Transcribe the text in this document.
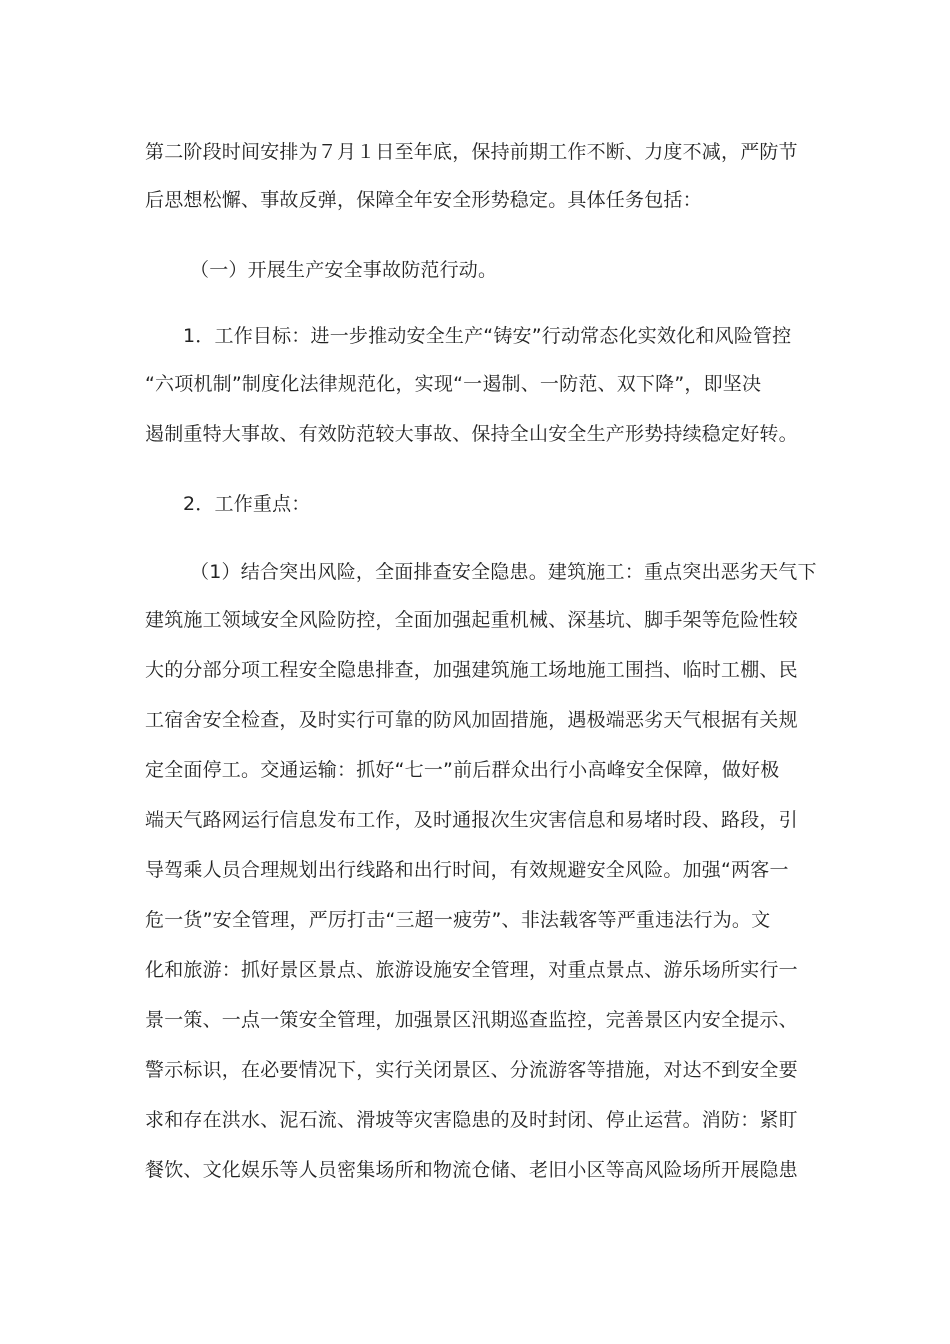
第二阶段时间安排为７月１日至年底，保持前期工作不断、力度不减，严防节
后思想松懈、事故反弹，保障全年安全形势稳定。具体任务包括：
（一）开展生产安全事故防范行动。
1．工作目标：进一步推动安全生产“铸安”行动常态化实效化和风险管控
“六项机制”制度化法律规范化，实现“一遏制、一防范、双下降”，即坚决
遏制重特大事故、有效防范较大事故、保持全山安全生产形势持续稳定好转。
2．工作重点：
（1）结合突出风险，全面排查安全隐患。建筑施工：重点突出恶劣天气下
建筑施工领域安全风险防控，全面加强起重机械、深基坑、脚手架等危险性较
大的分部分项工程安全隐患排查，加强建筑施工场地施工围挡、临时工棚、民
工宿舍安全检查，及时实行可靠的防风加固措施，遇极端恶劣天气根据有关规
定全面停工。交通运输：抓好“七一”前后群众出行小高峰安全保障，做好极
端天气路网运行信息发布工作，及时通报次生灾害信息和易堵时段、路段，引
导驾乘人员合理规划出行线路和出行时间，有效规避安全风险。加强“两客一
危一货”安全管理，严厉打击“三超一疲劳”、非法载客等严重违法行为。文
化和旅游：抓好景区景点、旅游设施安全管理，对重点景点、游乐场所实行一
景一策、一点一策安全管理，加强景区汛期巡查监控，完善景区内安全提示、
警示标识，在必要情况下，实行关闭景区、分流游客等措施，对达不到安全要
求和存在洪水、泥石流、滑坡等灾害隐患的及时封闭、停止运营。消防：紧盯
餐饮、文化娱乐等人员密集场所和物流仓储、老旧小区等高风险场所开展隐患
